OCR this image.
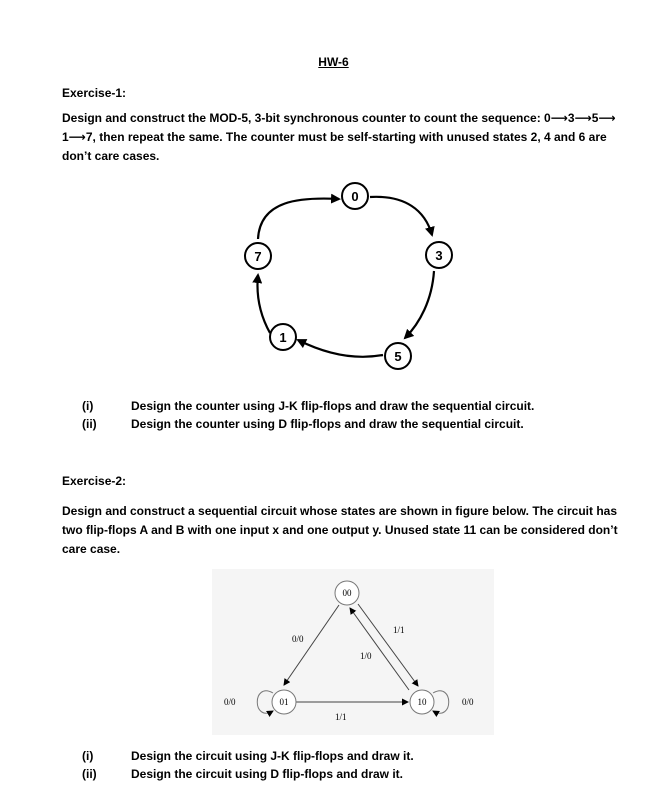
HW-6
Exercise-1:
Design and construct the MOD-5, 3-bit synchronous counter to count the sequence: 0⟶3⟶5⟶
1⟶7, then repeat the same. The counter must be self-starting with unused states 2, 4 and 6 are
don’t care cases.
0
3
5
1
7
(i)	Design the counter using J-K flip-flops and draw the sequential circuit.
(ii)	Design the counter using D flip-flops and draw the sequential circuit.
Exercise-2:
Design and construct a sequential circuit whose states are shown in figure below. The circuit has
two flip-flops A and B with one input x and one output y. Unused state 11 can be considered don’t
care case.
00
01	10
0/0
1/1
1/0
1/1
0/0	0/0
(i)	Design the circuit using J-K flip-flops and draw it.
(ii)	Design the circuit using D flip-flops and draw it.
